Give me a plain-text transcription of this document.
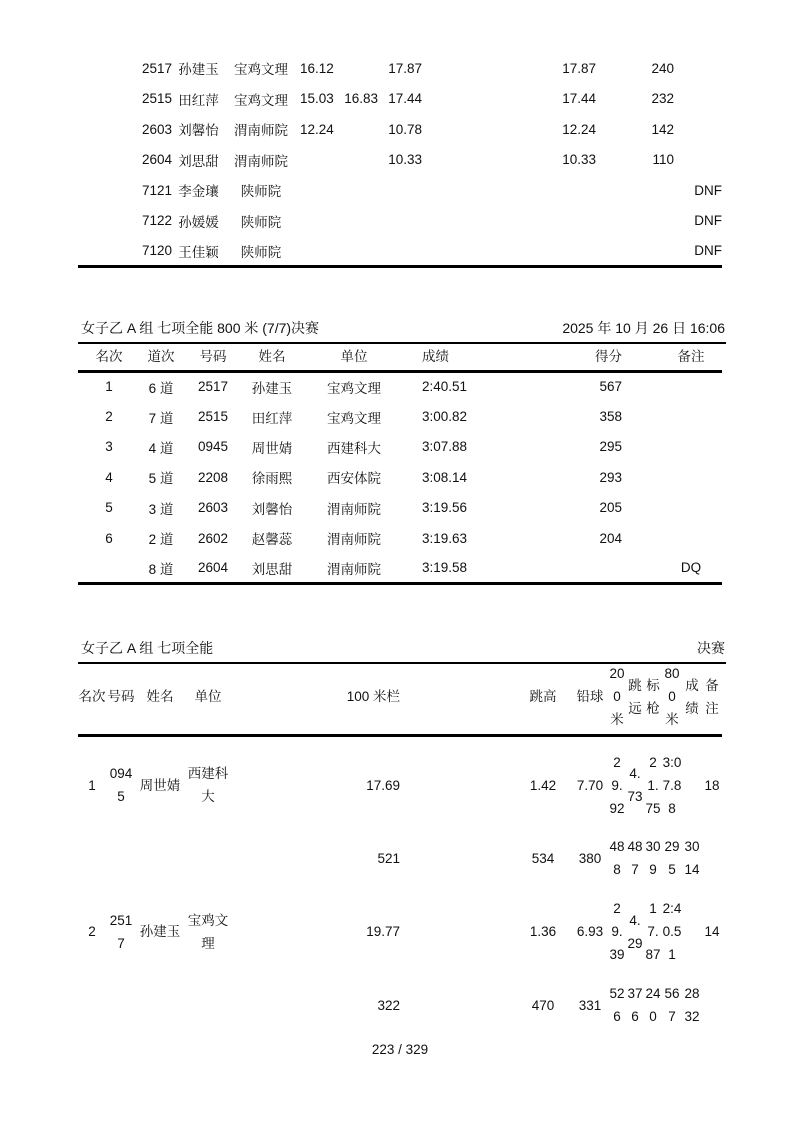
2517	孙建玉	宝鸡文理	16.12		17.87	17.87	240	
2515	田红萍	宝鸡文理	15.03	16.83	17.44	17.44	232	
2603	刘馨怡	渭南师院	12.24		10.78	12.24	142	
2604	刘思甜	渭南师院			10.33	10.33	110	
7121	李金瓖	陕师院						DNF
7122	孙媛媛	陕师院						DNF
7120	王佳颖	陕师院						DNF
女子乙 A 组 七项全能 800 米 (7/7)决赛	2025 年 10 月 26 日 16:06
名次	道次	号码	姓名	单位	成绩	得分	备注
1	6 道	2517	孙建玉	宝鸡文理	2:40.51	567	
2	7 道	2515	田红萍	宝鸡文理	3:00.82	358	
3	4 道	0945	周世婧	西建科大	3:07.88	295	
4	5 道	2208	徐雨熙	西安体院	3:08.14	293	
5	3 道	2603	刘馨怡	渭南师院	3:19.56	205	
6	2 道	2602	赵馨蕊	渭南师院	3:19.63	204	
	8 道	2604	刘思甜	渭南师院	3:19.58		DQ
女子乙 A 组 七项全能	决赛
名次	号码	姓名	单位	100 米栏	跳高	铅球	200米	跳远	标枪	800米	成绩	备注
1	0945	周世婧	西建科大	17.69	1.42	7.70	29.92	4.73	21.75	3:07.88		18
				521	534	380	488	487	309	295	3014	
2	2517	孙建玉	宝鸡文理	19.77	1.36	6.93	29.39	4.29	17.87	2:40.51		14
				322	470	331	526	376	240	567	2832	
223 / 329
